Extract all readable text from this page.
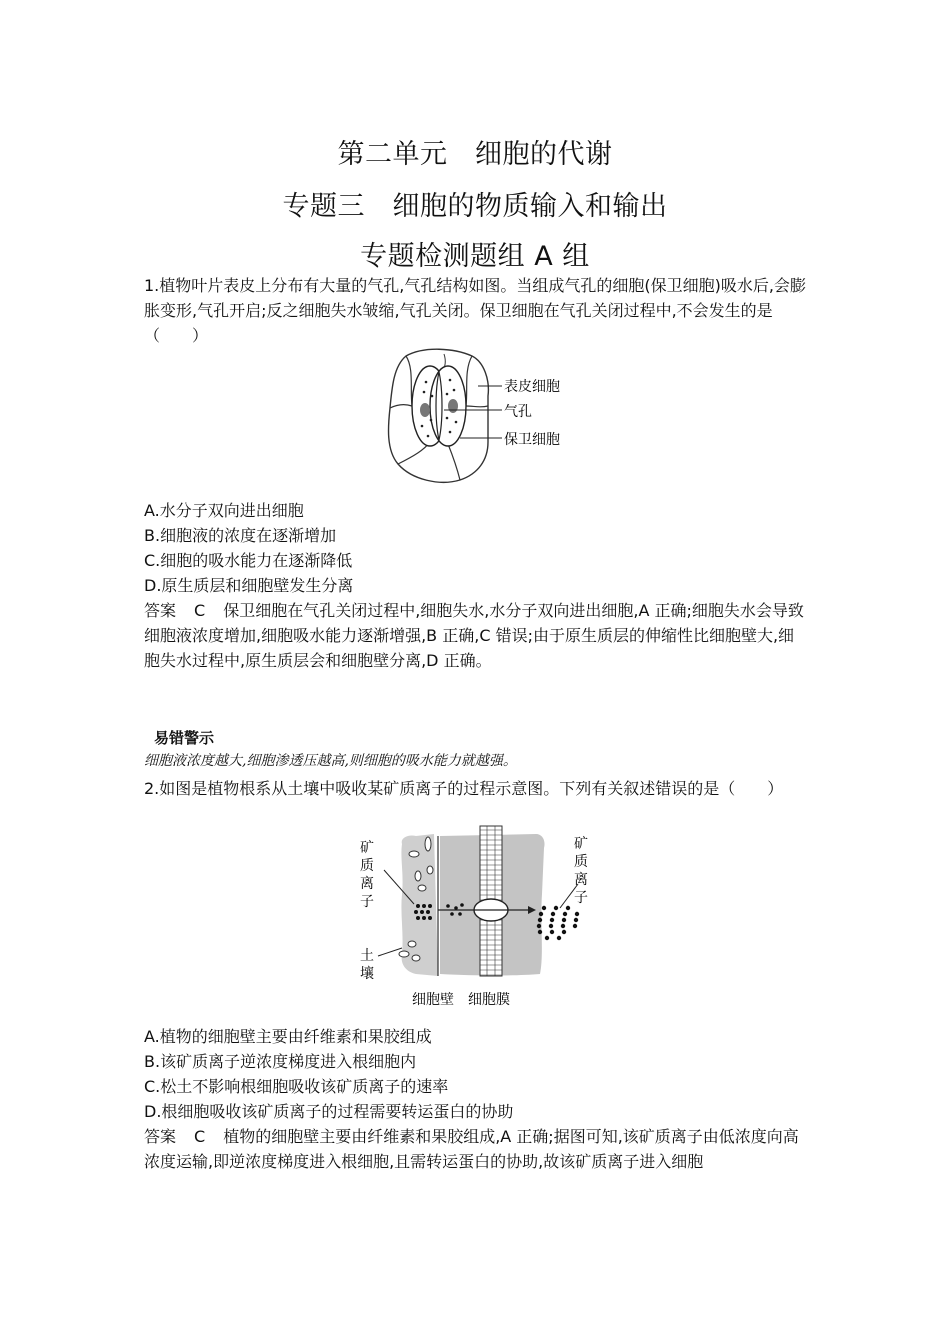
第二单元　细胞的代谢
专题三　细胞的物质输入和输出
专题检测题组 A 组
1.植物叶片表皮上分布有大量的气孔,气孔结构如图。当组成气孔的细胞(保卫细胞)吸水后,会膨胀变形,气孔开启;反之细胞失水皱缩,气孔关闭。保卫细胞在气孔关闭过程中,不会发生的是（　　）
表皮细胞
气孔
保卫细胞
A.水分子双向进出细胞
B.细胞液的浓度在逐渐增加
C.细胞的吸水能力在逐渐降低
D.原生质层和细胞壁发生分离
答案 C 保卫细胞在气孔关闭过程中,细胞失水,水分子双向进出细胞,A 正确;细胞失水会导致细胞液浓度增加,细胞吸水能力逐渐增强,B 正确,C 错误;由于原生质层的伸缩性比细胞壁大,细胞失水过程中,原生质层会和细胞壁分离,D 正确。
易错警示
细胞液浓度越大,细胞渗透压越高,则细胞的吸水能力就越强。
2.如图是植物根系从土壤中吸收某矿质离子的过程示意图。下列有关叙述错误的是（　　）
矿
质
离
子
土
壤
矿
质
离
子
细胞壁 细胞膜
A.植物的细胞壁主要由纤维素和果胶组成
B.该矿质离子逆浓度梯度进入根细胞内
C.松土不影响根细胞吸收该矿质离子的速率
D.根细胞吸收该矿质离子的过程需要转运蛋白的协助
答案 C 植物的细胞壁主要由纤维素和果胶组成,A 正确;据图可知,该矿质离子由低浓度向高浓度运输,即逆浓度梯度进入根细胞,且需转运蛋白的协助,故该矿质离子进入细胞
